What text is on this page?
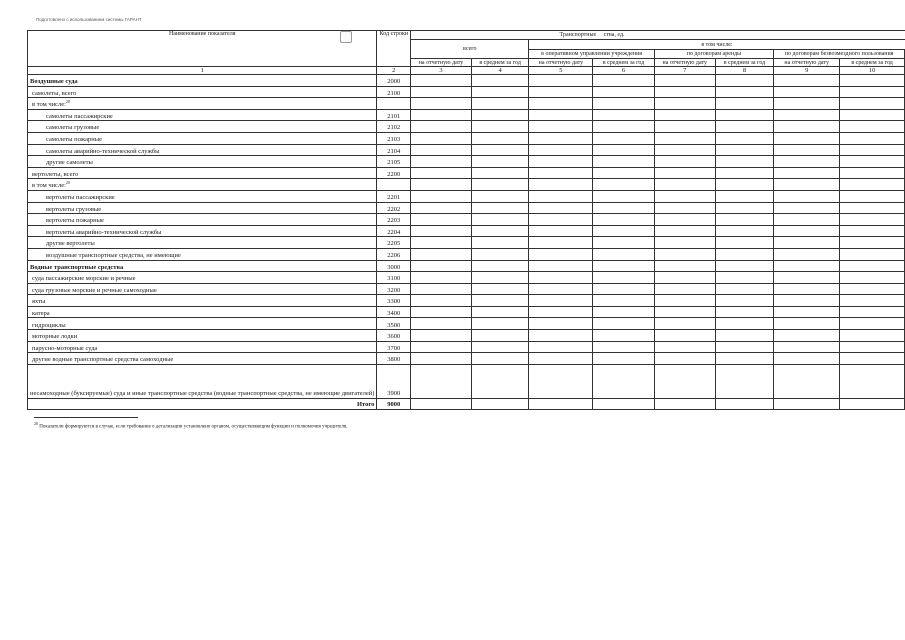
Подготовлено с использованием системы ГАРАНТ
Наименование показателя	Код строки	Транспортные ства, ед.							
		всего		в том числе:					
				в оперативном управлении учреждения		по договорам аренды		по договорам безвозмездного пользования	
		на отчетную дату	в среднем за год	на отчетную дату	в среднем за год	на отчетную дату	в среднем за год	на отчетную дату	в среднем за год
1	2	3	4	5	6	7	8	9	10
Воздушные суда	2000								
самолеты, всего	2100								
в том числе:$^{20}$									
самолеты пассажирские	2101								
самолеты грузовые	2102								
самолеты пожарные	2103								
самолеты аварийно-технической службы	2104								
другие самолеты	2105								
вертолеты, всего	2200								
в том числе:$^{20}$									
вертолеты пассажирские	2201								
вертолеты грузовые	2202								
вертолеты пожарные	2203								
вертолеты аварийно-технической службы	2204								
другие вертолеты	2205								
воздушные транспортные средства, не имеющие	2206								
Водные транспортные средства	3000								
суда пассажирские морские и речные	3100								
суда грузовые морские и речные самоходные	3200								
яхты	3300								
катера	3400								
гидроциклы	3500								
моторные лодки	3600								
парусно-моторные суда	3700								
другие водные транспортные средства самоходные	3800								
несамоходные (буксируемые) суда и иные транспортные средства (водные транспортные средства, не имеющие двигателей)	3900								
Итого	9000								
$^{20}$ Показатели формируются в случае, если требование о детализации установлено органом, осуществляющим функции и полномочия учредителя.
